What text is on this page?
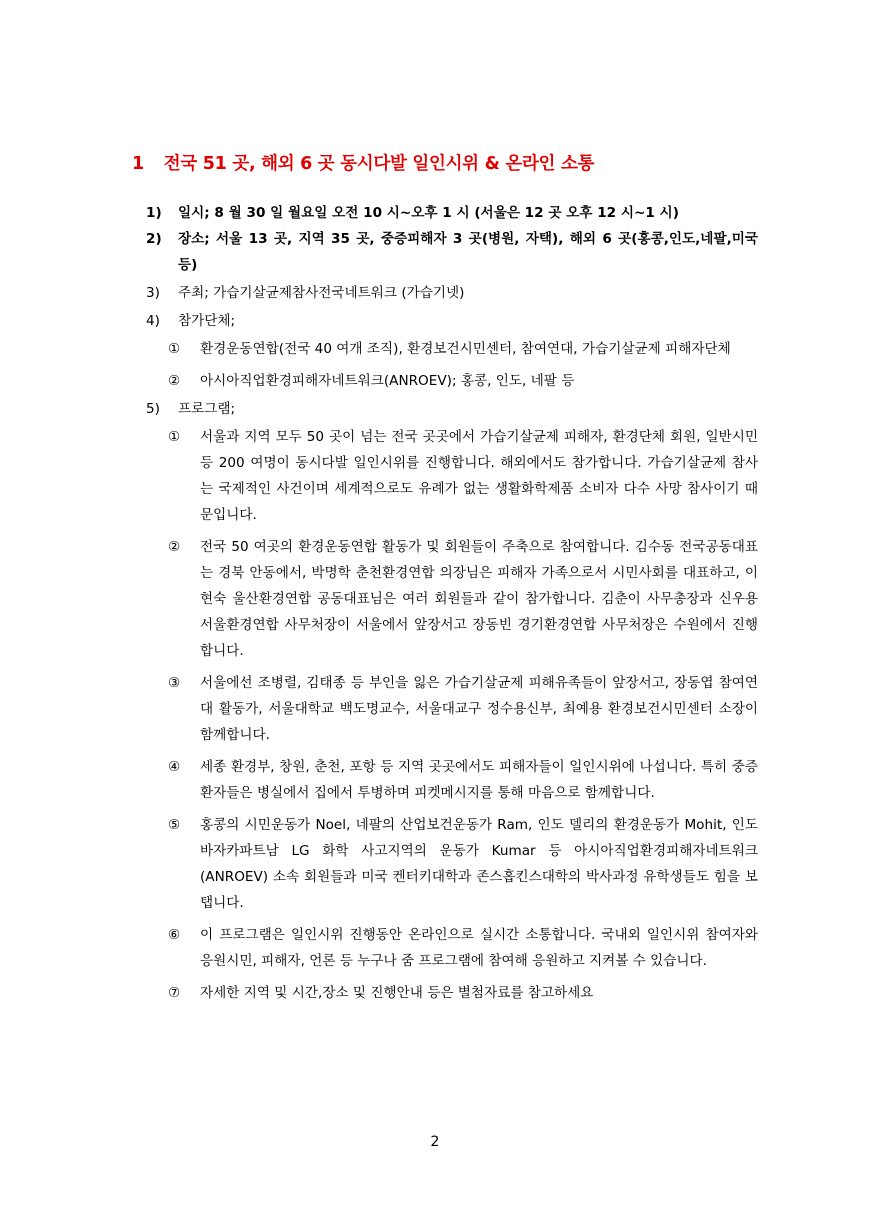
1 전국 51 곳, 해외 6 곳 동시다발 일인시위 & 온라인 소통
1) 일시; 8 월 30 일 월요일 오전 10 시~오후 1 시 (서울은 12 곳 오후 12 시~1 시)
2) 장소; 서울 13 곳, 지역 35 곳, 중증피해자 3 곳(병원, 자택), 해외 6 곳(홍콩,인도,네팔,미국 등)
3) 주최; 가습기살균제참사전국네트워크 (가습기넷)
4) 참가단체;
① 환경운동연합(전국 40 여개 조직), 환경보건시민센터, 참여연대, 가습기살균제 피해자단체
② 아시아직업환경피해자네트워크(ANROEV); 홍콩, 인도, 네팔 등
5) 프로그램;
① 서울과 지역 모두 50 곳이 넘는 전국 곳곳에서 가습기살균제 피해자, 환경단체 회원, 일반시민 등 200 여명이 동시다발 일인시위를 진행합니다. 해외에서도 참가합니다. 가습기살균제 참사는 국제적인 사건이며 세계적으로도 유례가 없는 생활화학제품 소비자 다수 사망 참사이기 때문입니다.
② 전국 50 여곳의 환경운동연합 활동가 및 회원들이 주축으로 참여합니다. 김수동 전국공동대표는 경북 안동에서, 박명학 춘천환경연합 의장님은 피해자 가족으로서 시민사회를 대표하고, 이현숙 울산환경연합 공동대표님은 여러 회원들과 같이 참가합니다. 김춘이 사무총장과 신우용 서울환경연합 사무처장이 서울에서 앞장서고 장동빈 경기환경연합 사무처장은 수원에서 진행합니다.
③ 서울에선 조병렬, 김태종 등 부인을 잃은 가습기살균제 피해유족들이 앞장서고, 장동엽 참여연대 활동가, 서울대학교 백도명교수, 서울대교구 정수용신부, 최예용 환경보건시민센터 소장이 함께합니다.
④ 세종 환경부, 창원, 춘천, 포항 등 지역 곳곳에서도 피해자들이 일인시위에 나섭니다. 특히 중증환자들은 병실에서 집에서 투병하며 피켓메시지를 통해 마음으로 함께합니다.
⑤ 홍콩의 시민운동가 Noel, 네팔의 산업보건운동가 Ram, 인도 델리의 환경운동가 Mohit, 인도 바자카파트남 LG 화학 사고지역의 운동가 Kumar 등 아시아직업환경피해자네트워크(ANROEV) 소속 회원들과 미국 켄터키대학과 존스홉킨스대학의 박사과정 유학생들도 힘을 보탭니다.
⑥ 이 프로그램은 일인시위 진행동안 온라인으로 실시간 소통합니다. 국내외 일인시위 참여자와 응원시민, 피해자, 언론 등 누구나 줌 프로그램에 참여해 응원하고 지켜볼 수 있습니다.
⑦ 자세한 지역 및 시간,장소 및 진행안내 등은 별첨자료를 참고하세요
2
